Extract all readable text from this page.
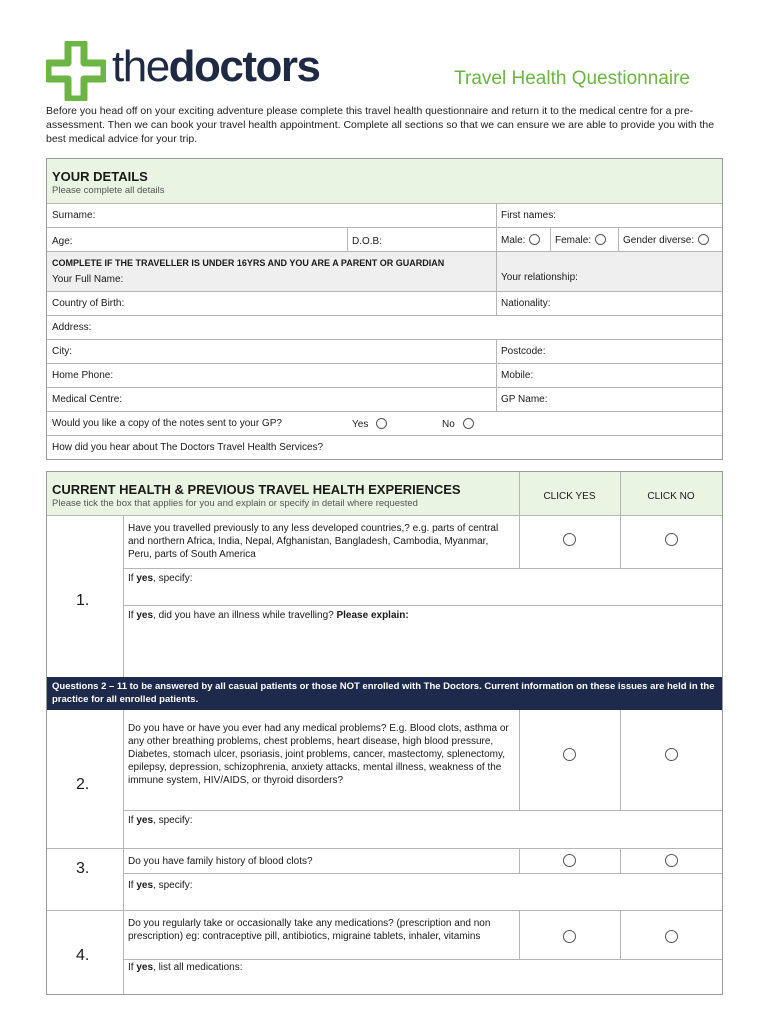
thedoctors	Travel Health Questionnaire
Before you head off on your exciting adventure please complete this travel health questionnaire and return it to the medical centre for a pre-assessment. Then we can book your travel health appointment. Complete all sections so that we can ensure we are able to provide you with the best medical advice for your trip.
YOUR DETAILS
Please complete all details
Surname:	First names:
Age:	D.O.B:	Male:	Female:	Gender diverse:
COMPLETE IF THE TRAVELLER IS UNDER 16YRS AND YOU ARE A PARENT OR GUARDIAN
Your Full Name:	Your relationship:
Country of Birth:	Nationality:
Address:
City:	Postcode:
Home Phone:	Mobile:
Medical Centre:	GP Name:
Would you like a copy of the notes sent to your GP?	Yes	No
How did you hear about The Doctors Travel Health Services?
CURRENT HEALTH & PREVIOUS TRAVEL HEALTH EXPERIENCES
Please tick the box that applies for you and explain or specify in detail where requested
CLICK YES	CLICK NO
1.
Have you travelled previously to any less developed countries,? e.g. parts of central and northern Africa, India, Nepal, Afghanistan, Bangladesh, Cambodia, Myanmar, Peru, parts of South America
If yes, specify:
If yes, did you have an illness while travelling? Please explain:
Questions 2 – 11 to be answered by all casual patients or those NOT enrolled with The Doctors. Current information on these issues are held in the practice for all enrolled patients.
2.
Do you have or have you ever had any medical problems? E.g. Blood clots, asthma or any other breathing problems, chest problems, heart disease, high blood pressure, Diabetes, stomach ulcer, psoriasis, joint problems, cancer, mastectomy, splenectomy, epilepsy, depression, schizophrenia, anxiety attacks, mental illness, weakness of the immune system, HIV/AIDS, or thyroid disorders?
If yes, specify:
3.	Do you have family history of blood clots?
If yes, specify:
4.
Do you regularly take or occasionally take any medications? (prescription and non prescription) eg: contraceptive pill, antibiotics, migraine tablets, inhaler, vitamins
If yes, list all medications:
